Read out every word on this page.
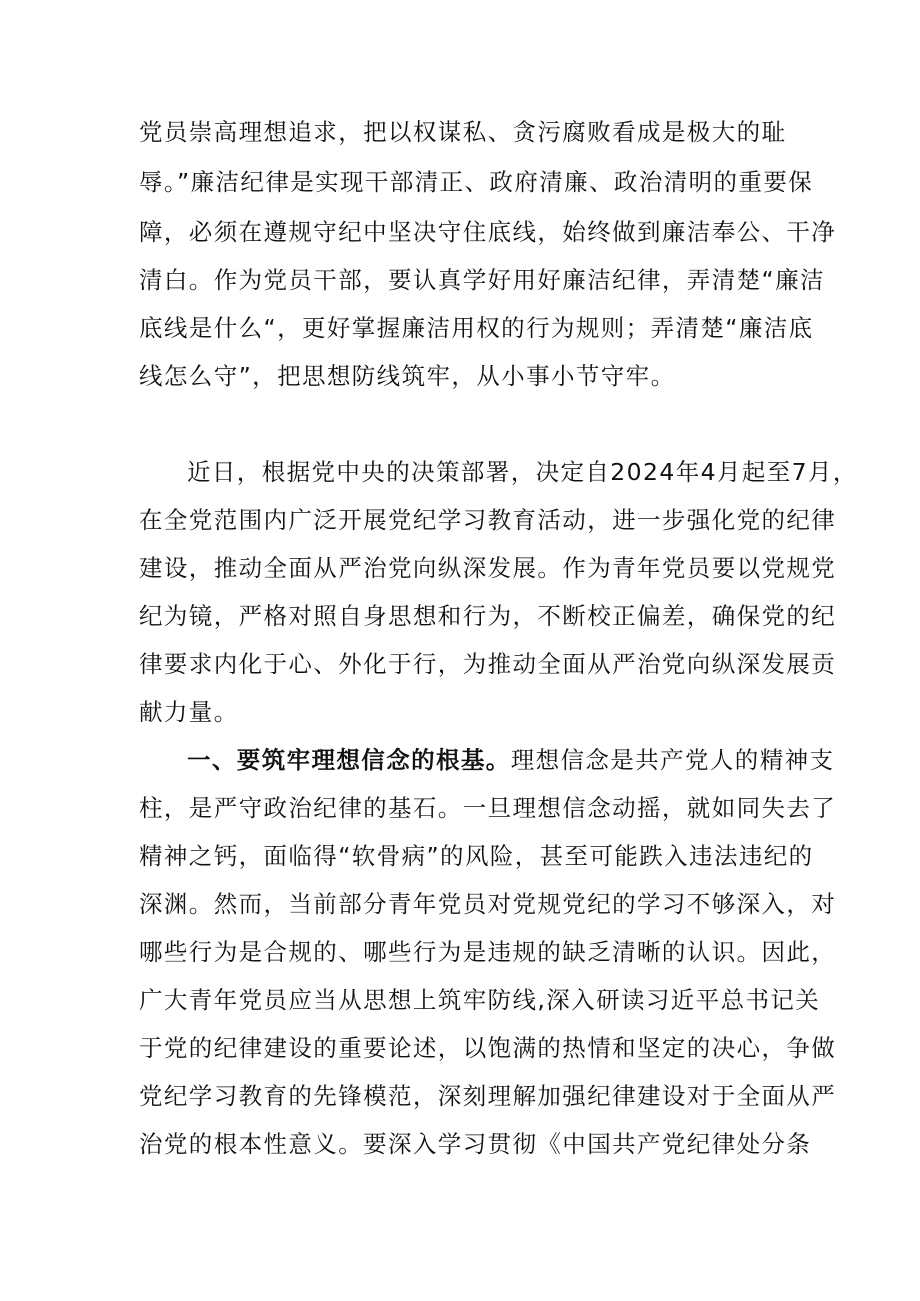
党员崇高理想追求，把以权谋私、贪污腐败看成是极大的耻
辱。”廉洁纪律是实现干部清正、政府清廉、政治清明的重要保
障，必须在遵规守纪中坚决守住底线，始终做到廉洁奉公、干净
清白。作为党员干部，要认真学好用好廉洁纪律，弄清楚“廉洁
底线是什么“，更好掌握廉洁用权的行为规则；弄清楚“廉洁底
线怎么守”，把思想防线筑牢，从小事小节守牢。
近日，根据党中央的决策部署，决定自2024年4月起至7月，
在全党范围内广泛开展党纪学习教育活动，进一步强化党的纪律
建设，推动全面从严治党向纵深发展。作为青年党员要以党规党
纪为镜，严格对照自身思想和行为，不断校正偏差，确保党的纪
律要求内化于心、外化于行，为推动全面从严治党向纵深发展贡
献力量。
一、要筑牢理想信念的根基。理想信念是共产党人的精神支
柱，是严守政治纪律的基石。一旦理想信念动摇，就如同失去了
精神之钙，面临得“软骨病”的风险，甚至可能跌入违法违纪的
深渊。然而，当前部分青年党员对党规党纪的学习不够深入，对
哪些行为是合规的、哪些行为是违规的缺乏清晰的认识。因此，
广大青年党员应当从思想上筑牢防线,深入研读习近平总书记关
于党的纪律建设的重要论述，以饱满的热情和坚定的决心，争做
党纪学习教育的先锋模范，深刻理解加强纪律建设对于全面从严
治党的根本性意义。要深入学习贯彻《中国共产党纪律处分条
